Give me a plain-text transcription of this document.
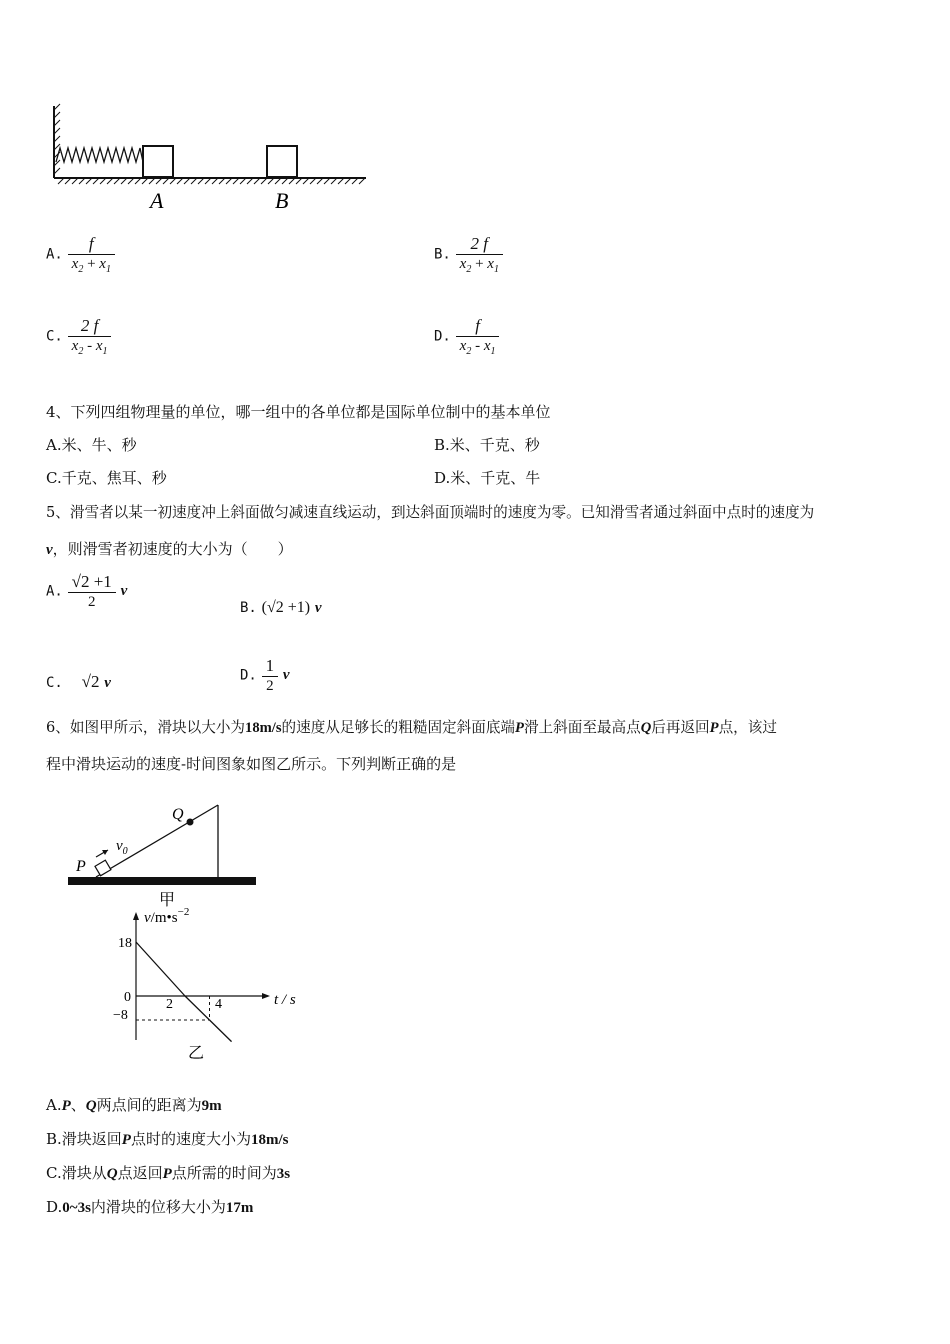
A	B
A. $\frac{f}{x_2 + x_1}$	B. $\frac{2 f}{x_2 + x_1}$
C. $\frac{2 f}{x_2 - x_1}$	D. $\frac{f}{x_2 - x_1}$
4、下列四组物理量的单位，哪一组中的各单位都是国际单位制中的基本单位
A.米、牛、秒	B.米、千克、秒
C.千克、焦耳、秒	D.米、千克、牛
5、滑雪者以某一初速度冲上斜面做匀减速直线运动，到达斜面顶端时的速度为零。已知滑雪者通过斜面中点时的速度为
v，则滑雪者初速度的大小为（　　）
A. $\frac{√2 +1}{2}$ v
B. (√2 +1) v
C. √2 v	D. $\frac{1}{2}$ v
6、如图甲所示，滑块以大小为18m/s的速度从足够长的粗糙固定斜面底端P滑上斜面至最高点Q后再返回P点，该过
程中滑块运动的速度-时间图象如图乙所示。下列判断正确的是
Q
$v_0$
P
甲
$v/m•s^{-2}$
t / s
18
0
−8
2	4
乙
A.P、Q两点间的距离为9m
B.滑块返回P点时的速度大小为18m/s
C.滑块从Q点返回P点所需的时间为3s
D.0~3s内滑块的位移大小为17m
